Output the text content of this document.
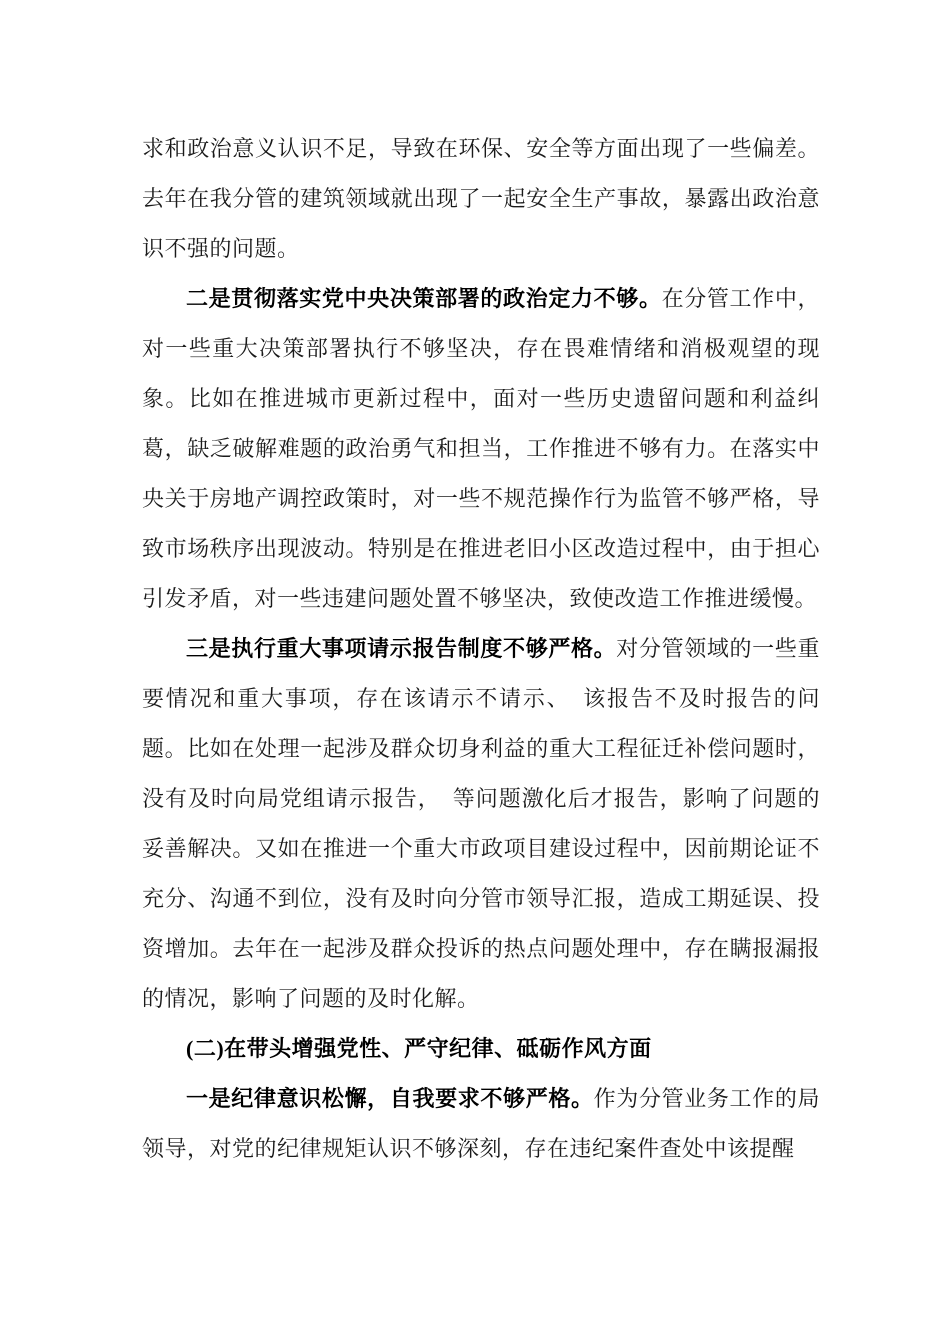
求和政治意义认识不足，导致在环保、安全等方面出现了一些偏差。去年在我分管的建筑领域就出现了一起安全生产事故，暴露出政治意识不强的问题。

二是贯彻落实党中央决策部署的政治定力不够。在分管工作中，对一些重大决策部署执行不够坚决，存在畏难情绪和消极观望的现象。比如在推进城市更新过程中，面对一些历史遗留问题和利益纠葛，缺乏破解难题的政治勇气和担当，工作推进不够有力。在落实中央关于房地产调控政策时，对一些不规范操作行为监管不够严格，导致市场秩序出现波动。特别是在推进老旧小区改造过程中，由于担心引发矛盾，对一些违建问题处置不够坚决，致使改造工作推进缓慢。

三是执行重大事项请示报告制度不够严格。对分管领域的一些重要情况和重大事项，存在该请示不请示、　该报告不及时报告的问题。比如在处理一起涉及群众切身利益的重大工程征迁补偿问题时，没有及时向局党组请示报告，　等问题激化后才报告，影响了问题的妥善解决。又如在推进一个重大市政项目建设过程中，因前期论证不充分、沟通不到位，没有及时向分管市领导汇报，造成工期延误、投资增加。去年在一起涉及群众投诉的热点问题处理中，存在瞒报漏报的情况，影响了问题的及时化解。

(二)在带头增强党性、严守纪律、砥砺作风方面

一是纪律意识松懈，自我要求不够严格。作为分管业务工作的局领导，对党的纪律规矩认识不够深刻，存在违纪案件查处中该提醒
